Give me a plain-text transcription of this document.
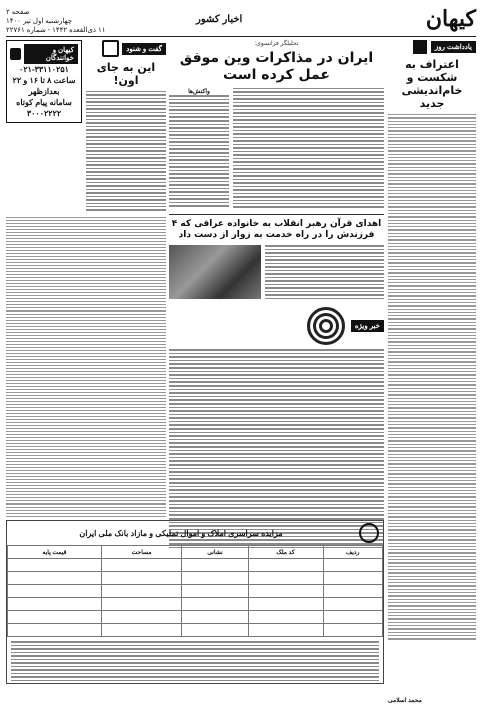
کیهان
اخبار کشور
صفحه ۲
چهارشنبه اول تیر ۱۴۰۰
۱۱ ذی‌القعده ۱۴۴۲ - شماره ۲۲۷۶۱
یادداشت روز
اعتراف به شکست و خام‌اندیشی جدید
محمد اسلامی
تحلیلگر فرانسوی:
ایران در مذاکرات وین موفق عمل کرده است
واکنش‌ها
اهدای قرآن رهبر انقلاب به خانواده عراقی که ۴ فرزندش را در راه خدمت به زوار از دست داد
خبر ویژه
گفت و شنود
این به جای اون!
کیهان و خوانندگان
۰۲۱-۳۳۱۱۰۲۵۱ ساعت ۸ تا ۱۶ و ۲۲ بعدازظهر
سامانه پیام کوتاه ۳۰۰۰۲۲۲۲
مزایده سراسری املاک و اموال تملیکی و مازاد بانک ملی ایران
ردیف	کد ملک	نشانی	مساحت	قیمت پایه
